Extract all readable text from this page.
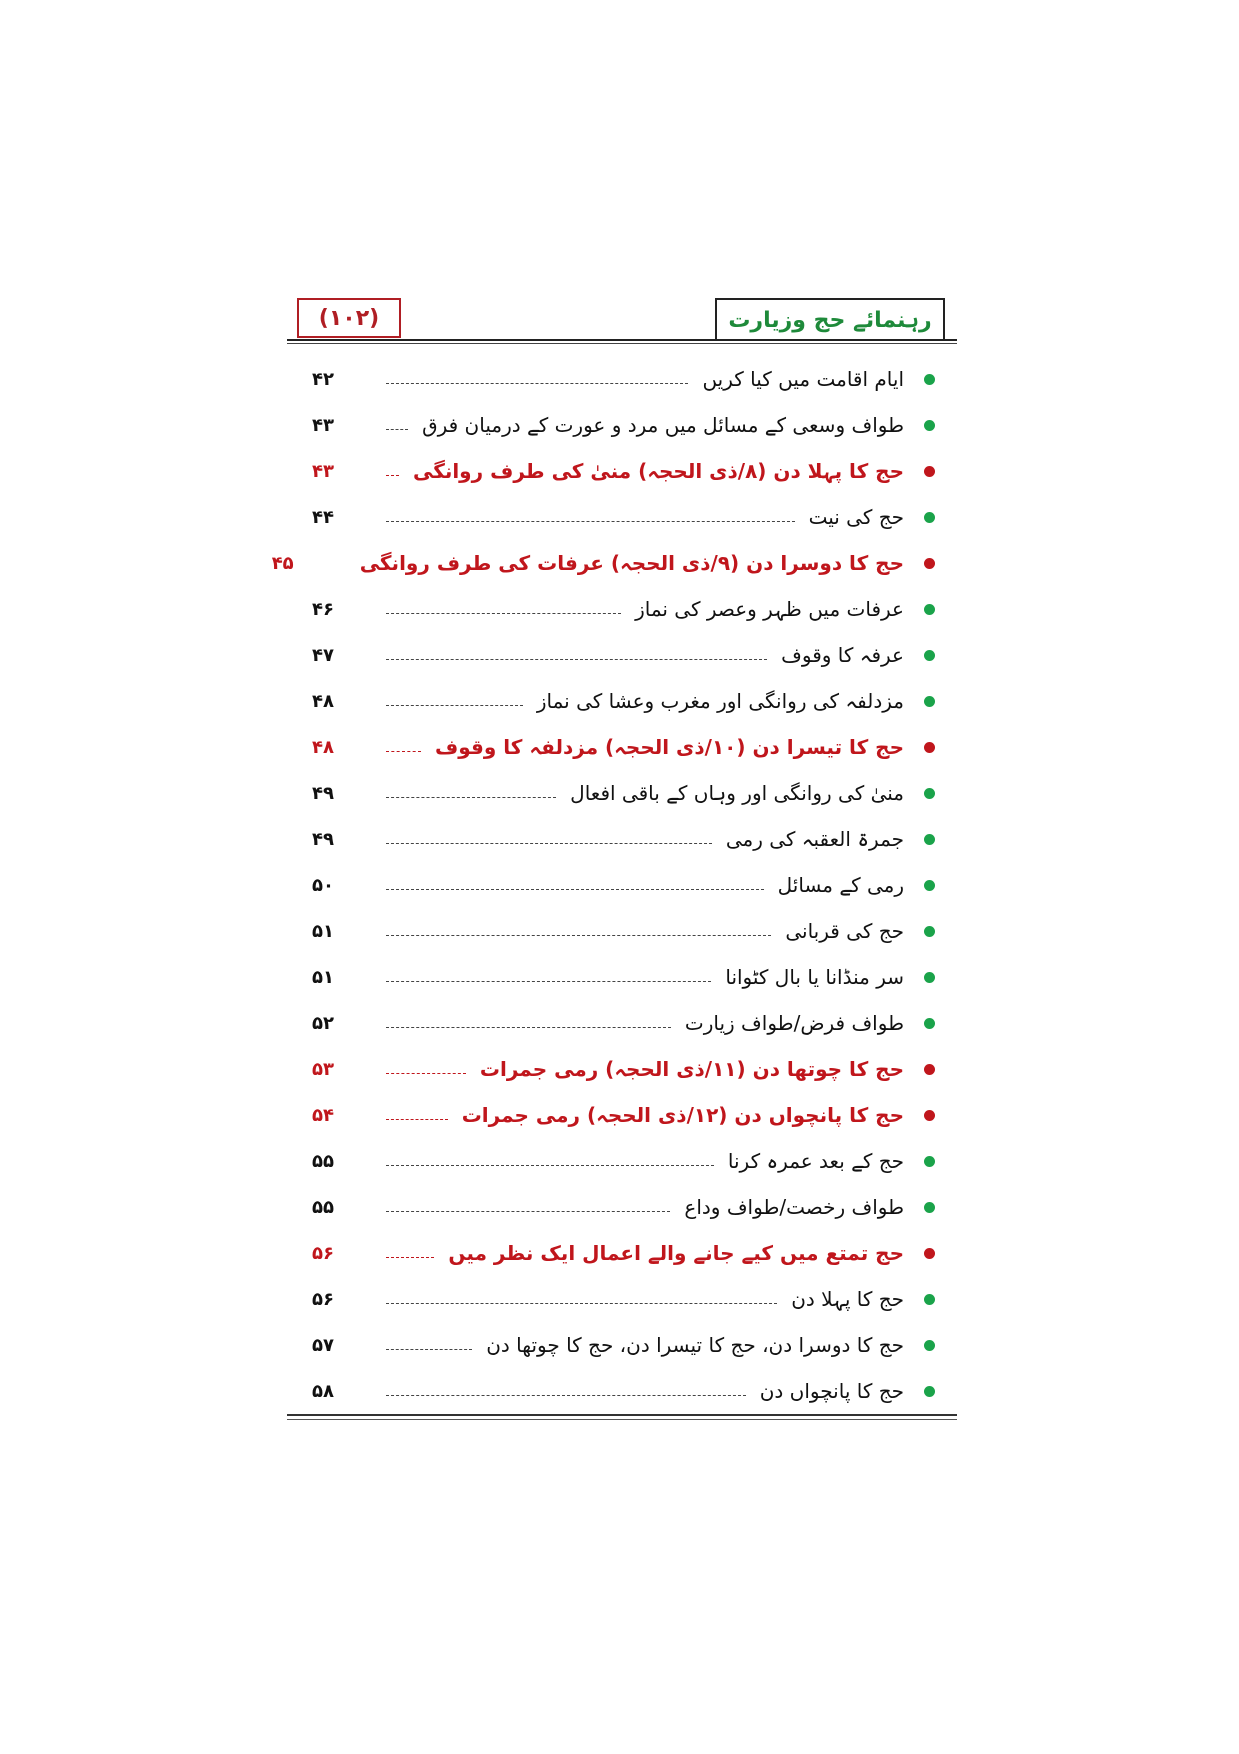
(۱۰۲)	رہنمائے حج وزیارت
ایام اقامت میں کیا کریں
۴۲
طواف وسعی کے مسائل میں مرد و عورت کے درمیان فرق
۴۳
حج کا پہلا دن (۸/ذی الحجہ) منیٰ کی طرف روانگی
۴۳
حج کی نیت
۴۴
حج کا دوسرا دن (۹/ذی الحجہ) عرفات کی طرف روانگی
۴۵
عرفات میں ظہر وعصر کی نماز
۴۶
عرفہ کا وقوف
۴۷
مزدلفہ کی روانگی اور مغرب وعشا کی نماز
۴۸
حج کا تیسرا دن (۱۰/ذی الحجہ) مزدلفہ کا وقوف
۴۸
منیٰ کی روانگی اور وہاں کے باقی افعال
۴۹
جمرۃ العقبہ کی رمی
۴۹
رمی کے مسائل
۵۰
حج کی قربانی
۵۱
سر منڈانا یا بال کٹوانا
۵۱
طواف فرض/طواف زیارت
۵۲
حج کا چوتھا دن (۱۱/ذی الحجہ) رمی جمرات
۵۳
حج کا پانچواں دن (۱۲/ذی الحجہ) رمی جمرات
۵۴
حج کے بعد عمرہ کرنا
۵۵
طواف رخصت/طواف وداع
۵۵
حج تمتع میں کیے جانے والے اعمال ایک نظر میں
۵۶
حج کا پہلا دن
۵۶
حج کا دوسرا دن، حج کا تیسرا دن، حج کا چوتھا دن
۵۷
حج کا پانچواں دن
۵۸
